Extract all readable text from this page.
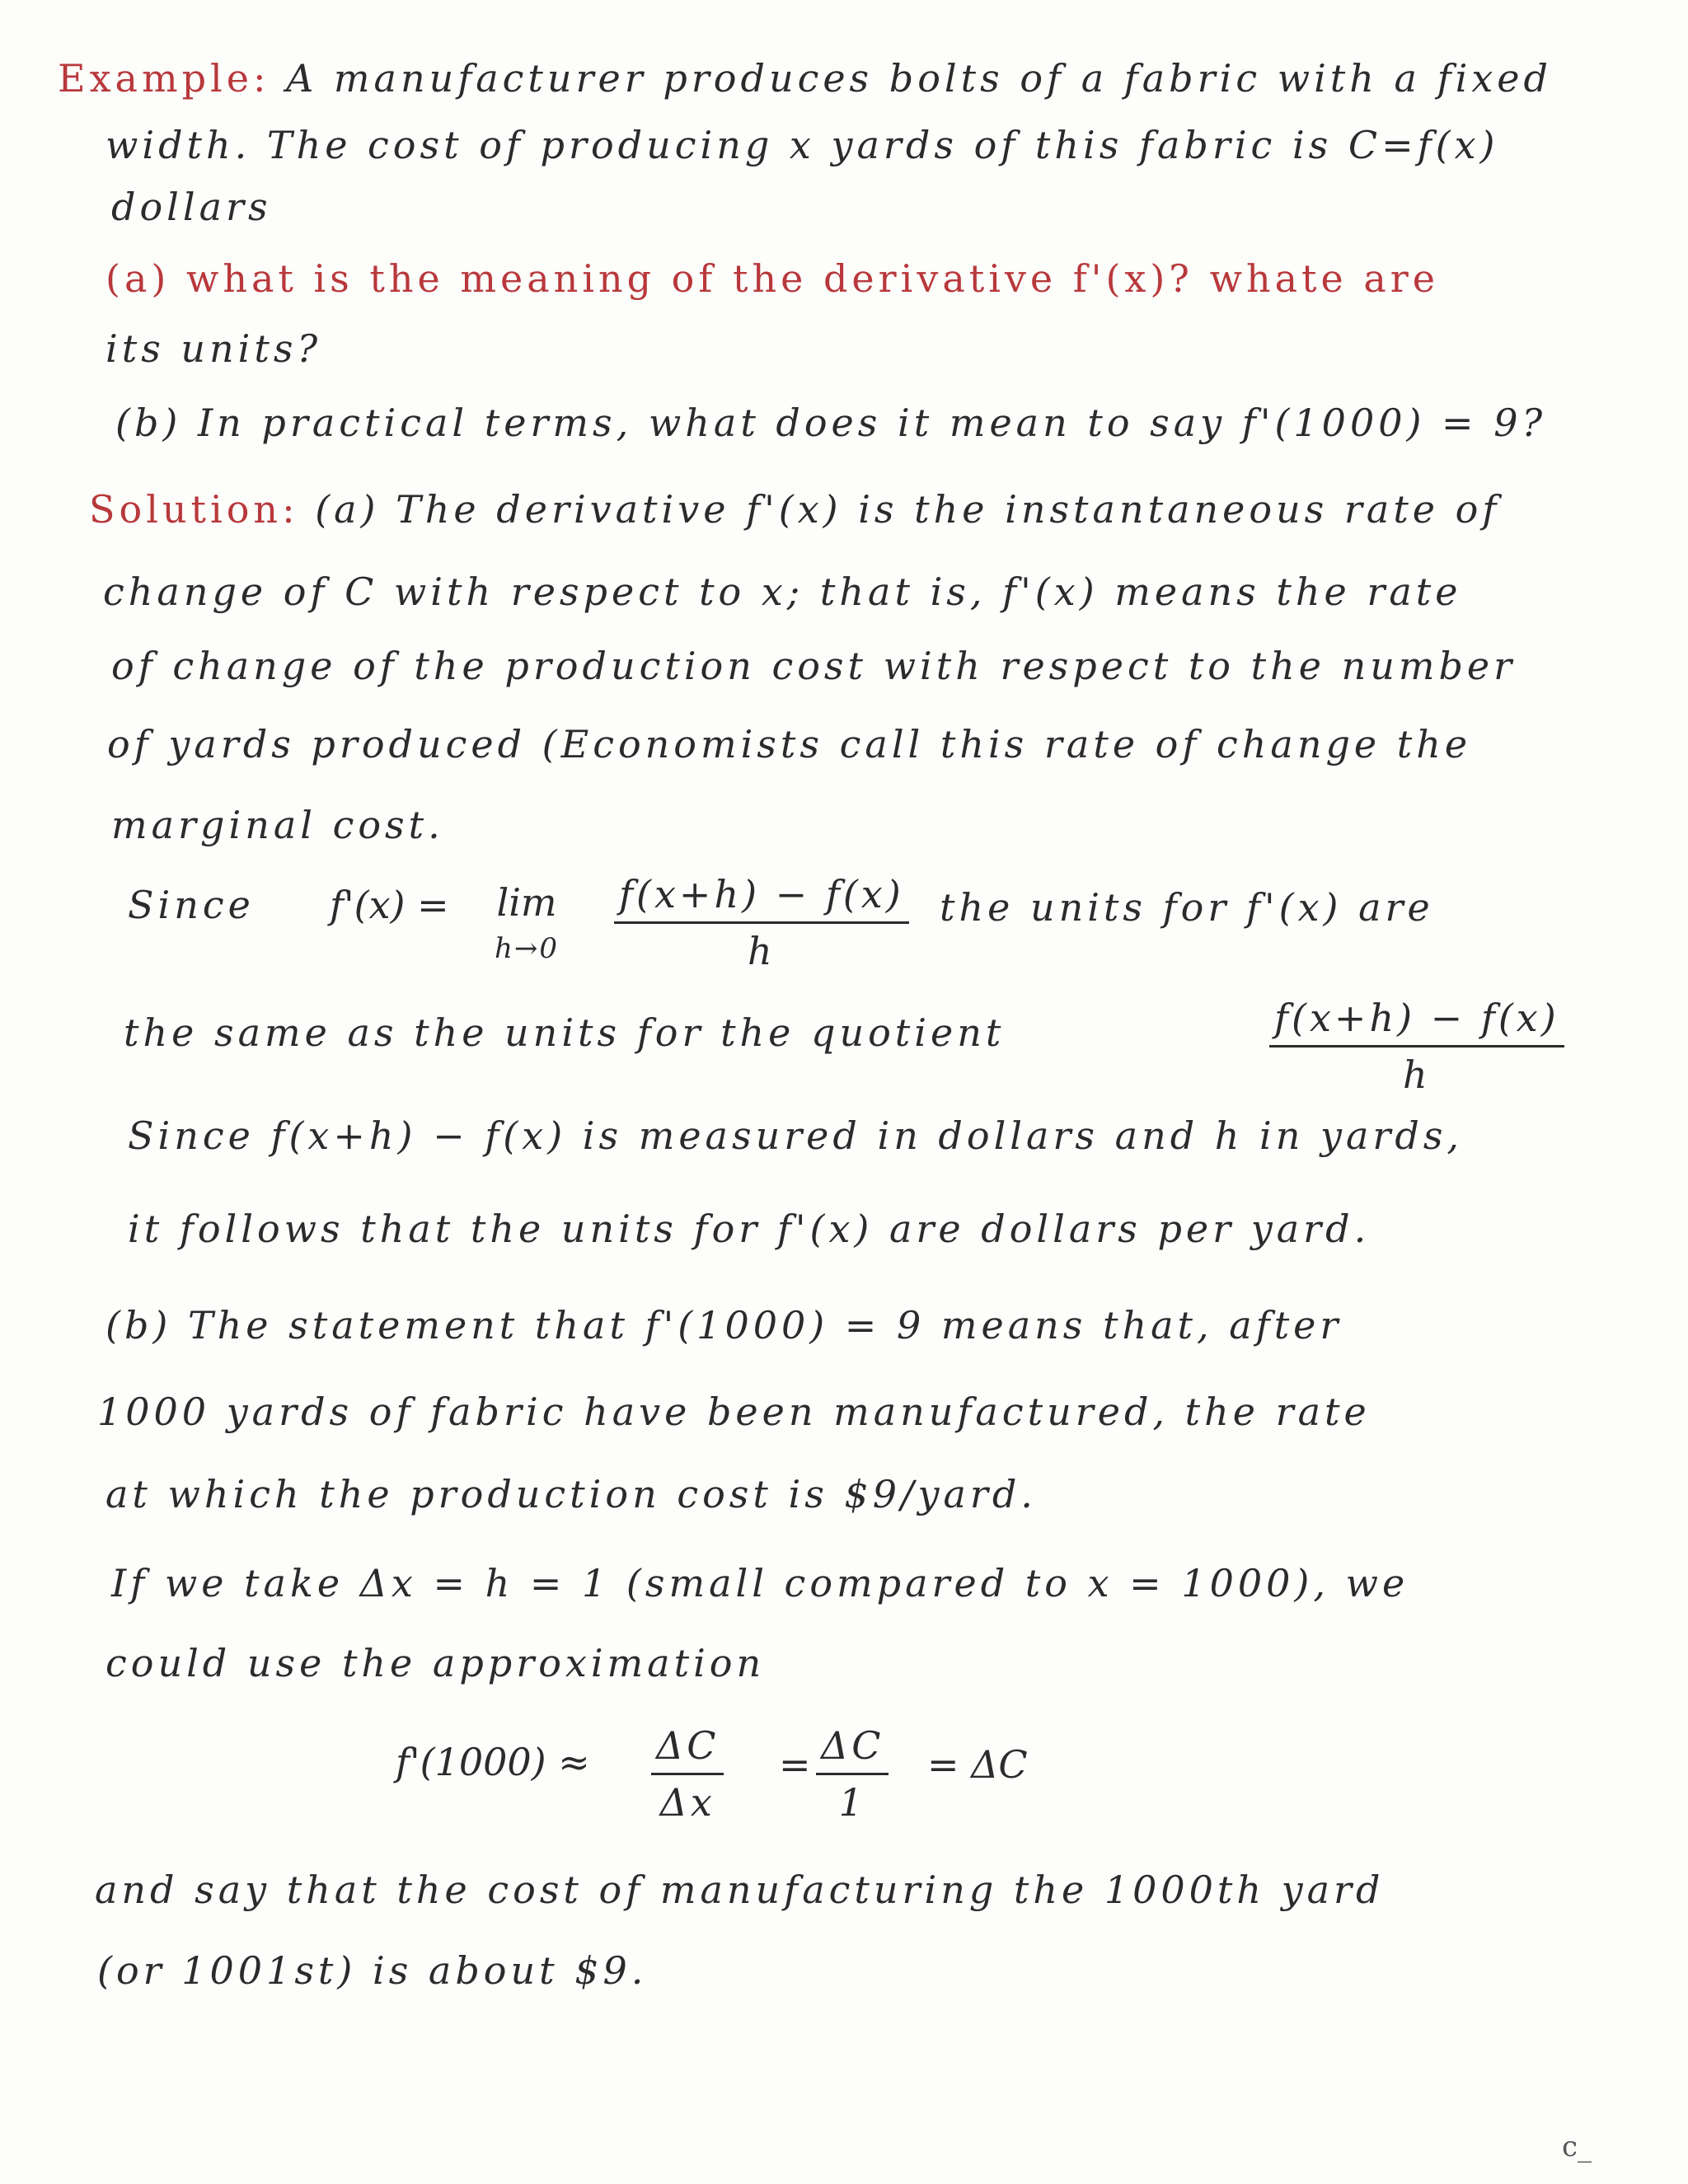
Example: A manufacturer produces bolts of a fabric with a fixed
width. The cost of producing x yards of this fabric is C=f(x)
dollars
(a) what is the meaning of the derivative f'(x)? whate are
its units?
(b) In practical terms, what does it mean to say f'(1000) = 9?
Solution: (a) The derivative f'(x) is the instantaneous rate of
change of C with respect to x; that is, f'(x) means the rate
of change of the production cost with respect to the number
of yards produced (Economists call this rate of change the
marginal cost.
Since f'(x) = lim
$h\to 0 \frac{f(x+h) - f(x)}{h}$ the units for f'(x) are
the same as the units for the quotient	$\frac{f(x+h) - f(x)}{h}$
Since f(x+h) − f(x) is measured in dollars and h in yards,
it follows that the units for f'(x) are dollars per yard.
(b) The statement that f'(1000) = 9 means that, after
1000 yards of fabric have been manufactured, the rate
at which the production cost is $9/yard.
If we take Δx = h = 1 (small compared to x = 1000), we
could use the approximation
$f'(1000) \approx \frac{\Delta C}{\Delta x} = \frac{\Delta C}{1} = \Delta C$
and say that the cost of manufacturing the 1000th yard
(or 1001st) is about $9.
c_
